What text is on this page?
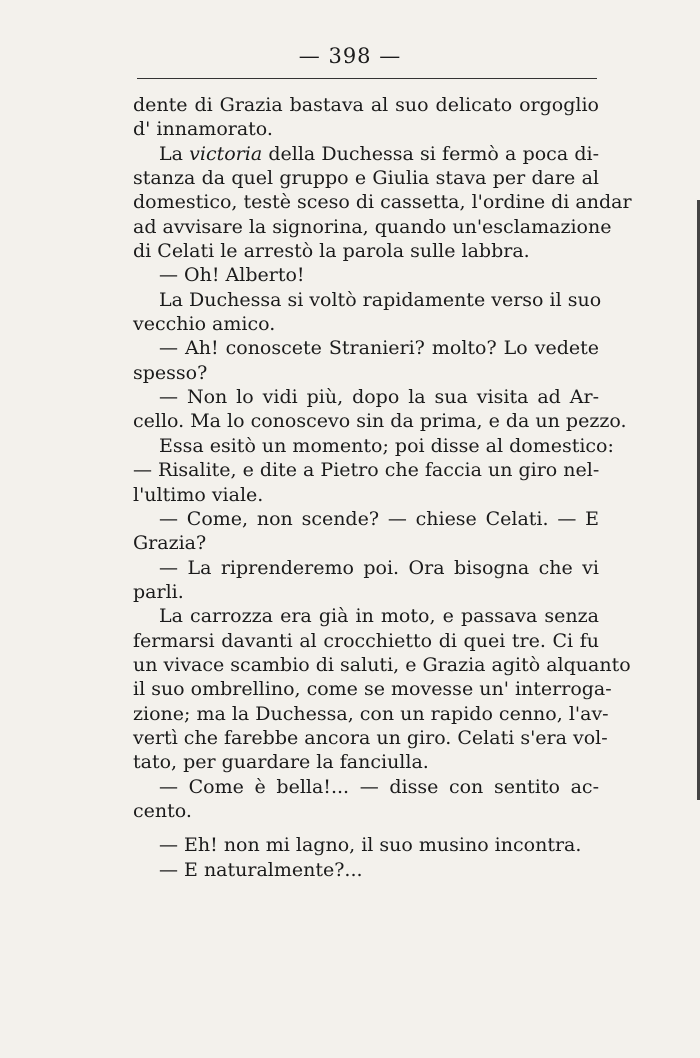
— 398 —
dente di Grazia bastava al suo delicato orgoglio
d' innamorato.
La victoria della Duchessa si fermò a poca di-
stanza da quel gruppo e Giulia stava per dare al
domestico, testè sceso di cassetta, l'ordine di andar
ad avvisare la signorina, quando un'esclamazione
di Celati le arrestò la parola sulle labbra.
— Oh! Alberto!
La Duchessa si voltò rapidamente verso il suo
vecchio amico.
— Ah! conoscete Stranieri? molto? Lo vedete
spesso?
— Non lo vidi più, dopo la sua visita ad Ar-
cello. Ma lo conoscevo sin da prima, e da un pezzo.
Essa esitò un momento; poi disse al domestico:
— Risalite, e dite a Pietro che faccia un giro nel-
l'ultimo viale.
— Come, non scende? — chiese Celati. — E
Grazia?
— La riprenderemo poi. Ora bisogna che vi
parli.
La carrozza era già in moto, e passava senza
fermarsi davanti al crocchietto di quei tre. Ci fu
un vivace scambio di saluti, e Grazia agitò alquanto
il suo ombrellino, come se movesse un' interroga-
zione; ma la Duchessa, con un rapido cenno, l'av-
vertì che farebbe ancora un giro. Celati s'era vol-
tato, per guardare la fanciulla.
— Come è bella!... — disse con sentito ac-
cento.
— Eh! non mi lagno, il suo musino incontra.
— E naturalmente?...
